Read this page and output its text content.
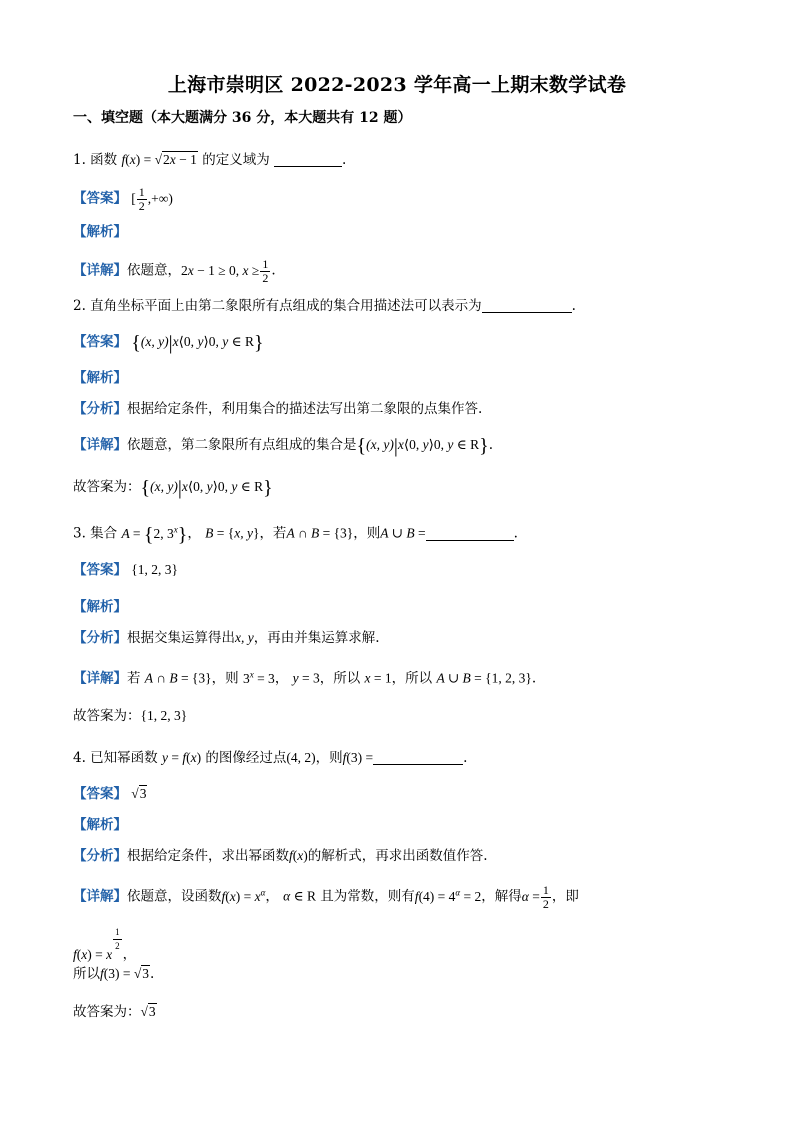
上海市崇明区 2022-2023 学年高一上期末数学试卷
一、填空题（本大题满分 36 分，本大题共有 12 题）
1. 函数 f(x) = √2x − 1 的定义域为	.
【答案】 [ $\frac{1}{2}$ ,+∞)
【解析】
【详解】依题意，2x − 1 ≥ 0, $x \ge \frac{1}{2}$ .
2. 直角坐标平面上由第二象限所有点组成的集合用描述法可以表示为	.
【答案】 {(x, y)|x⟨0, y⟩0, y ∈ R}
【解析】
【分析】根据给定条件，利用集合的描述法写出第二象限的点集作答.
【详解】依题意，第二象限所有点组成的集合是{(x, y)|x⟨0, y⟩0, y ∈ R}.
故答案为：{(x, y)|x⟨0, y⟩0, y ∈ R}
3. 集合 A = {2, 3$^x$}， B = {x, y}，若A ∩ B = {3}，则A ∪ B =	.
【答案】 {1, 2, 3}
【解析】
【分析】根据交集运算得出x, y，再由并集运算求解.
【详解】若 A ∩ B = {3}，则 $3^x = 3$， y = 3，所以 x = 1，所以 A ∪ B = {1, 2, 3}.
故答案为：{1, 2, 3}
4. 已知幂函数 y = f(x) 的图像经过点(4, 2)，则f(3) =	.
【答案】 √3
【解析】
【分析】根据给定条件，求出幂函数f(x)的解析式，再求出函数值作答.
【详解】依题意，设函数$f(x) = x^\alpha$， α ∈ R 且为常数，则有$f(4) = 4^\alpha = 2$，解得$\alpha = \frac{1}{2}$ ，即
f(x) = x
$^{\frac{1}{2}}$
，
所以f(3) = √3.
故答案为：√3
